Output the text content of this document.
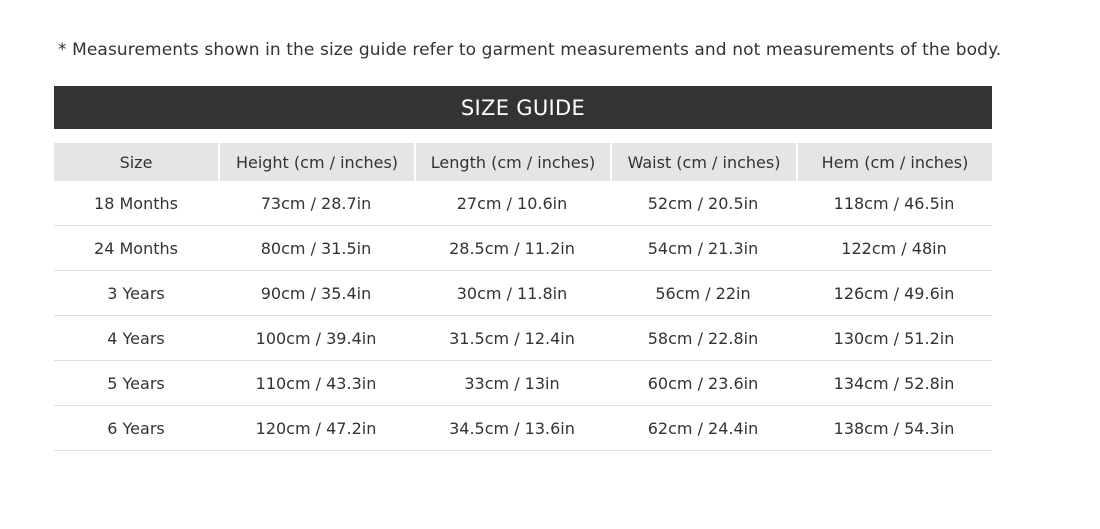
* Measurements shown in the size guide refer to garment measurements and not measurements of the body.
SIZE GUIDE
Size	Height (cm / inches)	Length (cm / inches)	Waist (cm / inches)	Hem (cm / inches)
18 Months	73cm / 28.7in	27cm / 10.6in	52cm / 20.5in	118cm / 46.5in
24 Months	80cm / 31.5in	28.5cm / 11.2in	54cm / 21.3in	122cm / 48in
3 Years	90cm / 35.4in	30cm / 11.8in	56cm / 22in	126cm / 49.6in
4 Years	100cm / 39.4in	31.5cm / 12.4in	58cm / 22.8in	130cm / 51.2in
5 Years	110cm / 43.3in	33cm / 13in	60cm / 23.6in	134cm / 52.8in
6 Years	120cm / 47.2in	34.5cm / 13.6in	62cm / 24.4in	138cm / 54.3in
